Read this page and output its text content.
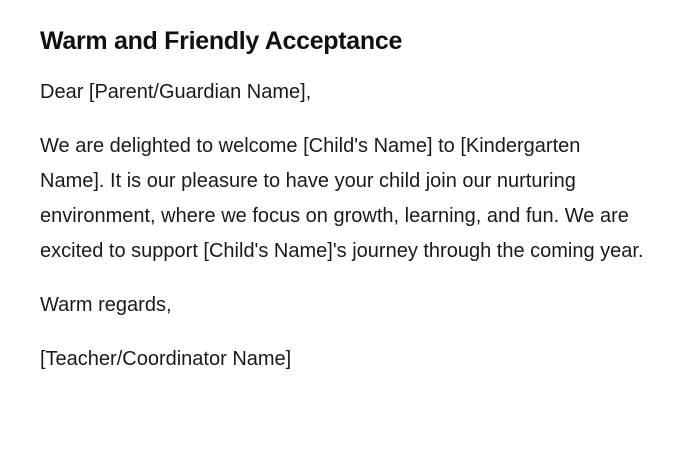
Warm and Friendly Acceptance

Dear [Parent/Guardian Name],

We are delighted to welcome [Child's Name] to [Kindergarten Name]. It is our pleasure to have your child join our nurturing environment, where we focus on growth, learning, and fun. We are excited to support [Child's Name]'s journey through the coming year.

Warm regards,

[Teacher/Coordinator Name]
